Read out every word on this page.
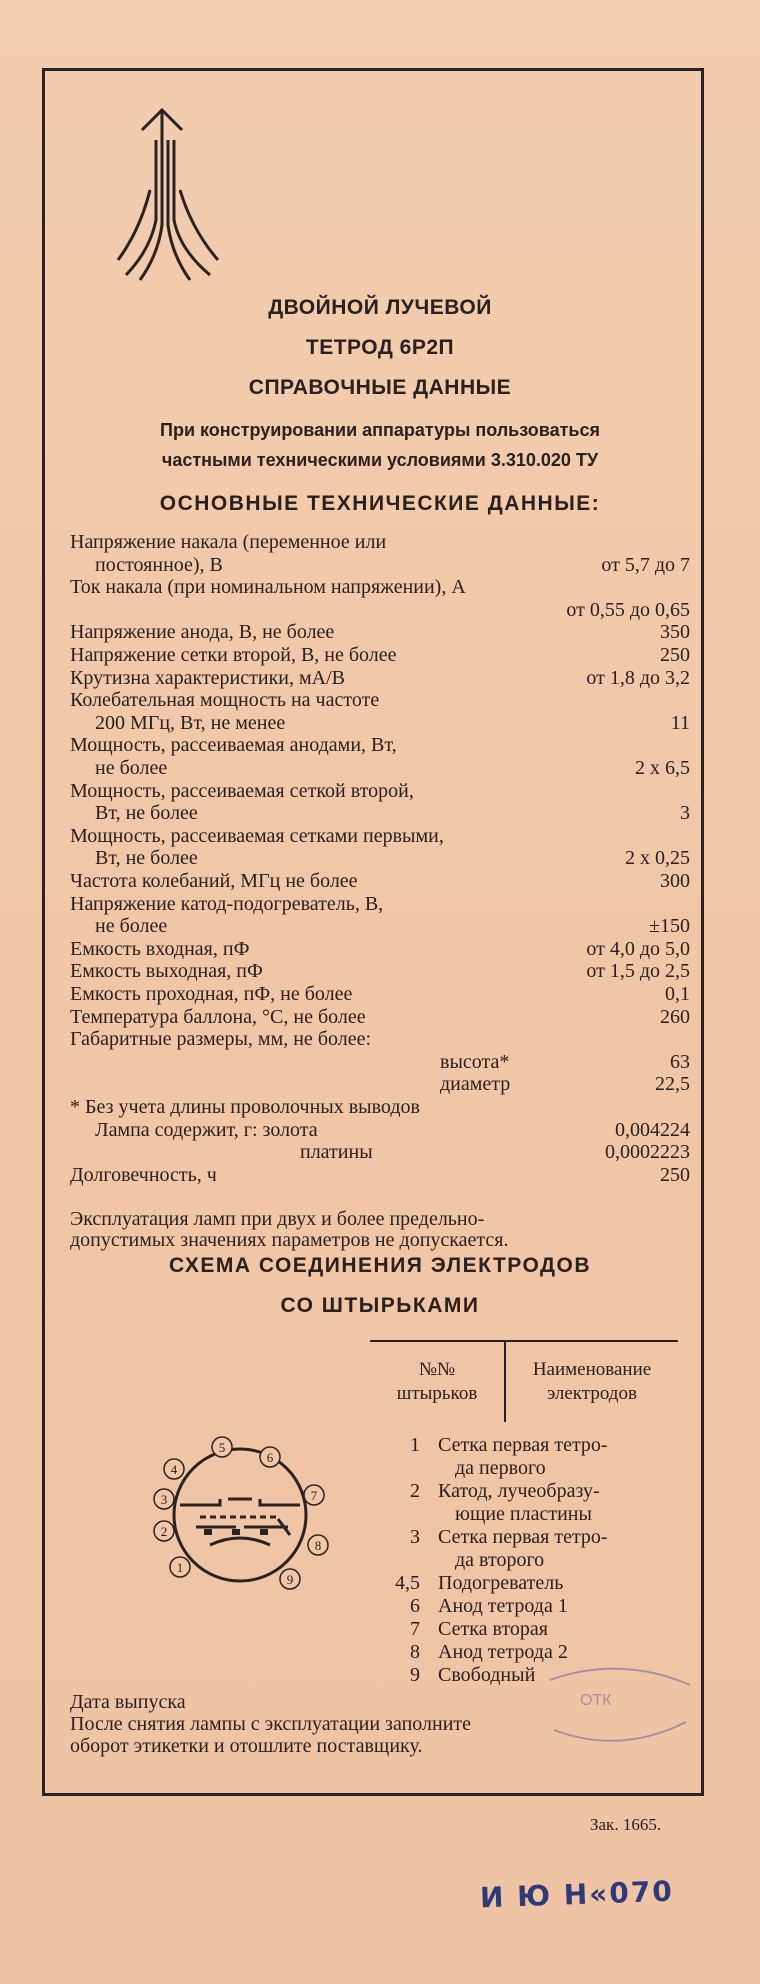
ДВОЙНОЙ ЛУЧЕВОЙ
ТЕТРОД 6Р2П
СПРАВОЧНЫЕ ДАННЫЕ
При конструировании аппаратуры пользоваться
частными техническими условиями 3.310.020 ТУ
ОСНОВНЫЕ ТЕХНИЧЕСКИЕ ДАННЫЕ:
Напряжение накала (переменное или
постоянное), В	от 5,7 до 7
Ток накала (при номинальном напряжении), А
от 0,55 до 0,65
Напряжение анода, В, не более	350
Напряжение сетки второй, В, не более	250
Крутизна характеристики, мА/В	от 1,8 до 3,2
Колебательная мощность на частоте
200 МГц, Вт, не менее	11
Мощность, рассеиваемая анодами, Вт,
не более	2 х 6,5
Мощность, рассеиваемая сеткой второй,
Вт, не более	3
Мощность, рассеиваемая сетками первыми,
Вт, не более	2 х 0,25
Частота колебаний, МГц не более	300
Напряжение катод-подогреватель, В,
не более	±150
Емкость входная, пФ	от 4,0 до 5,0
Емкость выходная, пФ	от 1,5 до 2,5
Емкость проходная, пФ, не более	0,1
Температура баллона, °С, не более	260
Габаритные размеры, мм, не более:
высота*	63
диаметр	22,5
* Без учета длины проволочных выводов
Лампа содержит, г: золота	0,004224
платины	0,0002223
Долговечность, ч	250
Эксплуатация ламп при двух и более предельно-
допустимых значениях параметров не допускается.
СХЕМА СОЕДИНЕНИЯ ЭЛЕКТРОДОВ
СО ШТЫРЬКАМИ
№№
штырьков
Наименование
электродов
1 Сетка первая тетро-
да первого
2 Катод, лучеобразу-
ющие пластины
3 Сетка первая тетро-
да второго
4,5 Подогреватель
6 Анод тетрода 1
7 Сетка вторая
8 Анод тетрода 2
9 Свободный
1
2
3
4
5
6
7
8
9
Дата выпуска
После снятия лампы с эксплуатации заполните
оборот этикетки и отошлите поставщику.
ОТК
Зак. 1665.
И Ю Н«070
